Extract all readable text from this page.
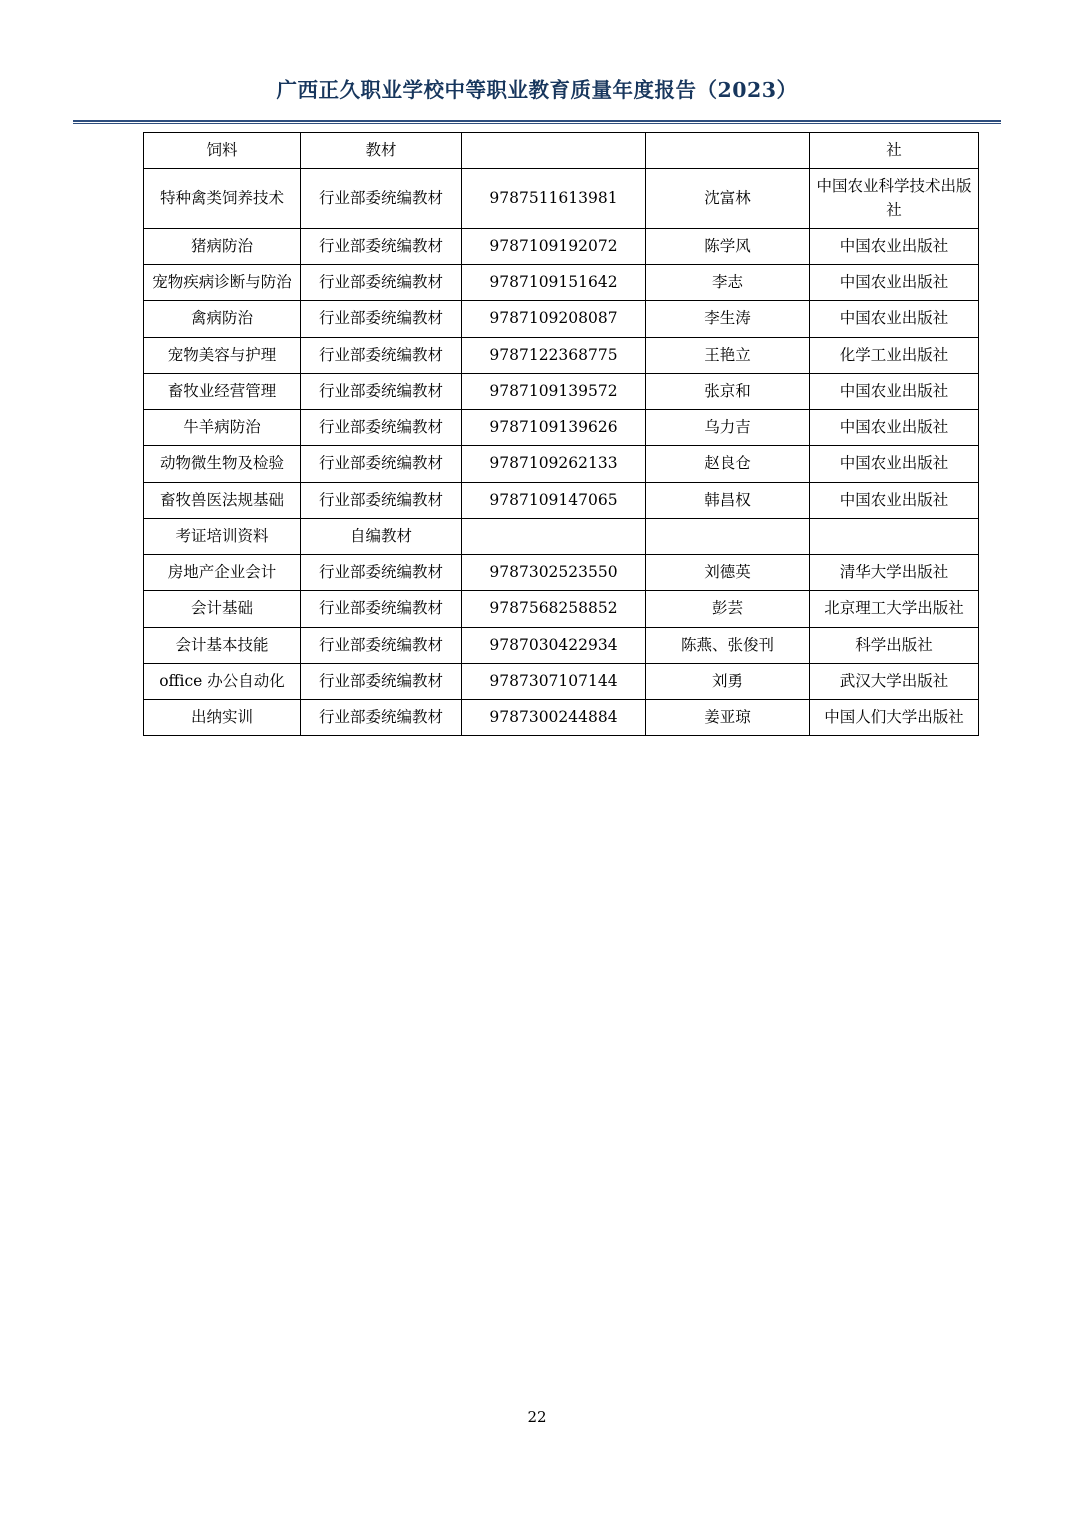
广西正久职业学校中等职业教育质量年度报告（2023）
饲料	教材			社
特种禽类饲养技术	行业部委统编教材	9787511613981	沈富林	中国农业科学技术出版社
猪病防治	行业部委统编教材	9787109192072	陈学风	中国农业出版社
宠物疾病诊断与防治	行业部委统编教材	9787109151642	李志	中国农业出版社
禽病防治	行业部委统编教材	9787109208087	李生涛	中国农业出版社
宠物美容与护理	行业部委统编教材	9787122368775	王艳立	化学工业出版社
畜牧业经营管理	行业部委统编教材	9787109139572	张京和	中国农业出版社
牛羊病防治	行业部委统编教材	9787109139626	乌力吉	中国农业出版社
动物微生物及检验	行业部委统编教材	9787109262133	赵良仓	中国农业出版社
畜牧兽医法规基础	行业部委统编教材	9787109147065	韩昌权	中国农业出版社
考证培训资料	自编教材			
房地产企业会计	行业部委统编教材	9787302523550	刘德英	清华大学出版社
会计基础	行业部委统编教材	9787568258852	彭芸	北京理工大学出版社
会计基本技能	行业部委统编教材	9787030422934	陈燕、张俊刊	科学出版社
office 办公自动化	行业部委统编教材	9787307107144	刘勇	武汉大学出版社
出纳实训	行业部委统编教材	9787300244884	姜亚琼	中国人们大学出版社
22
